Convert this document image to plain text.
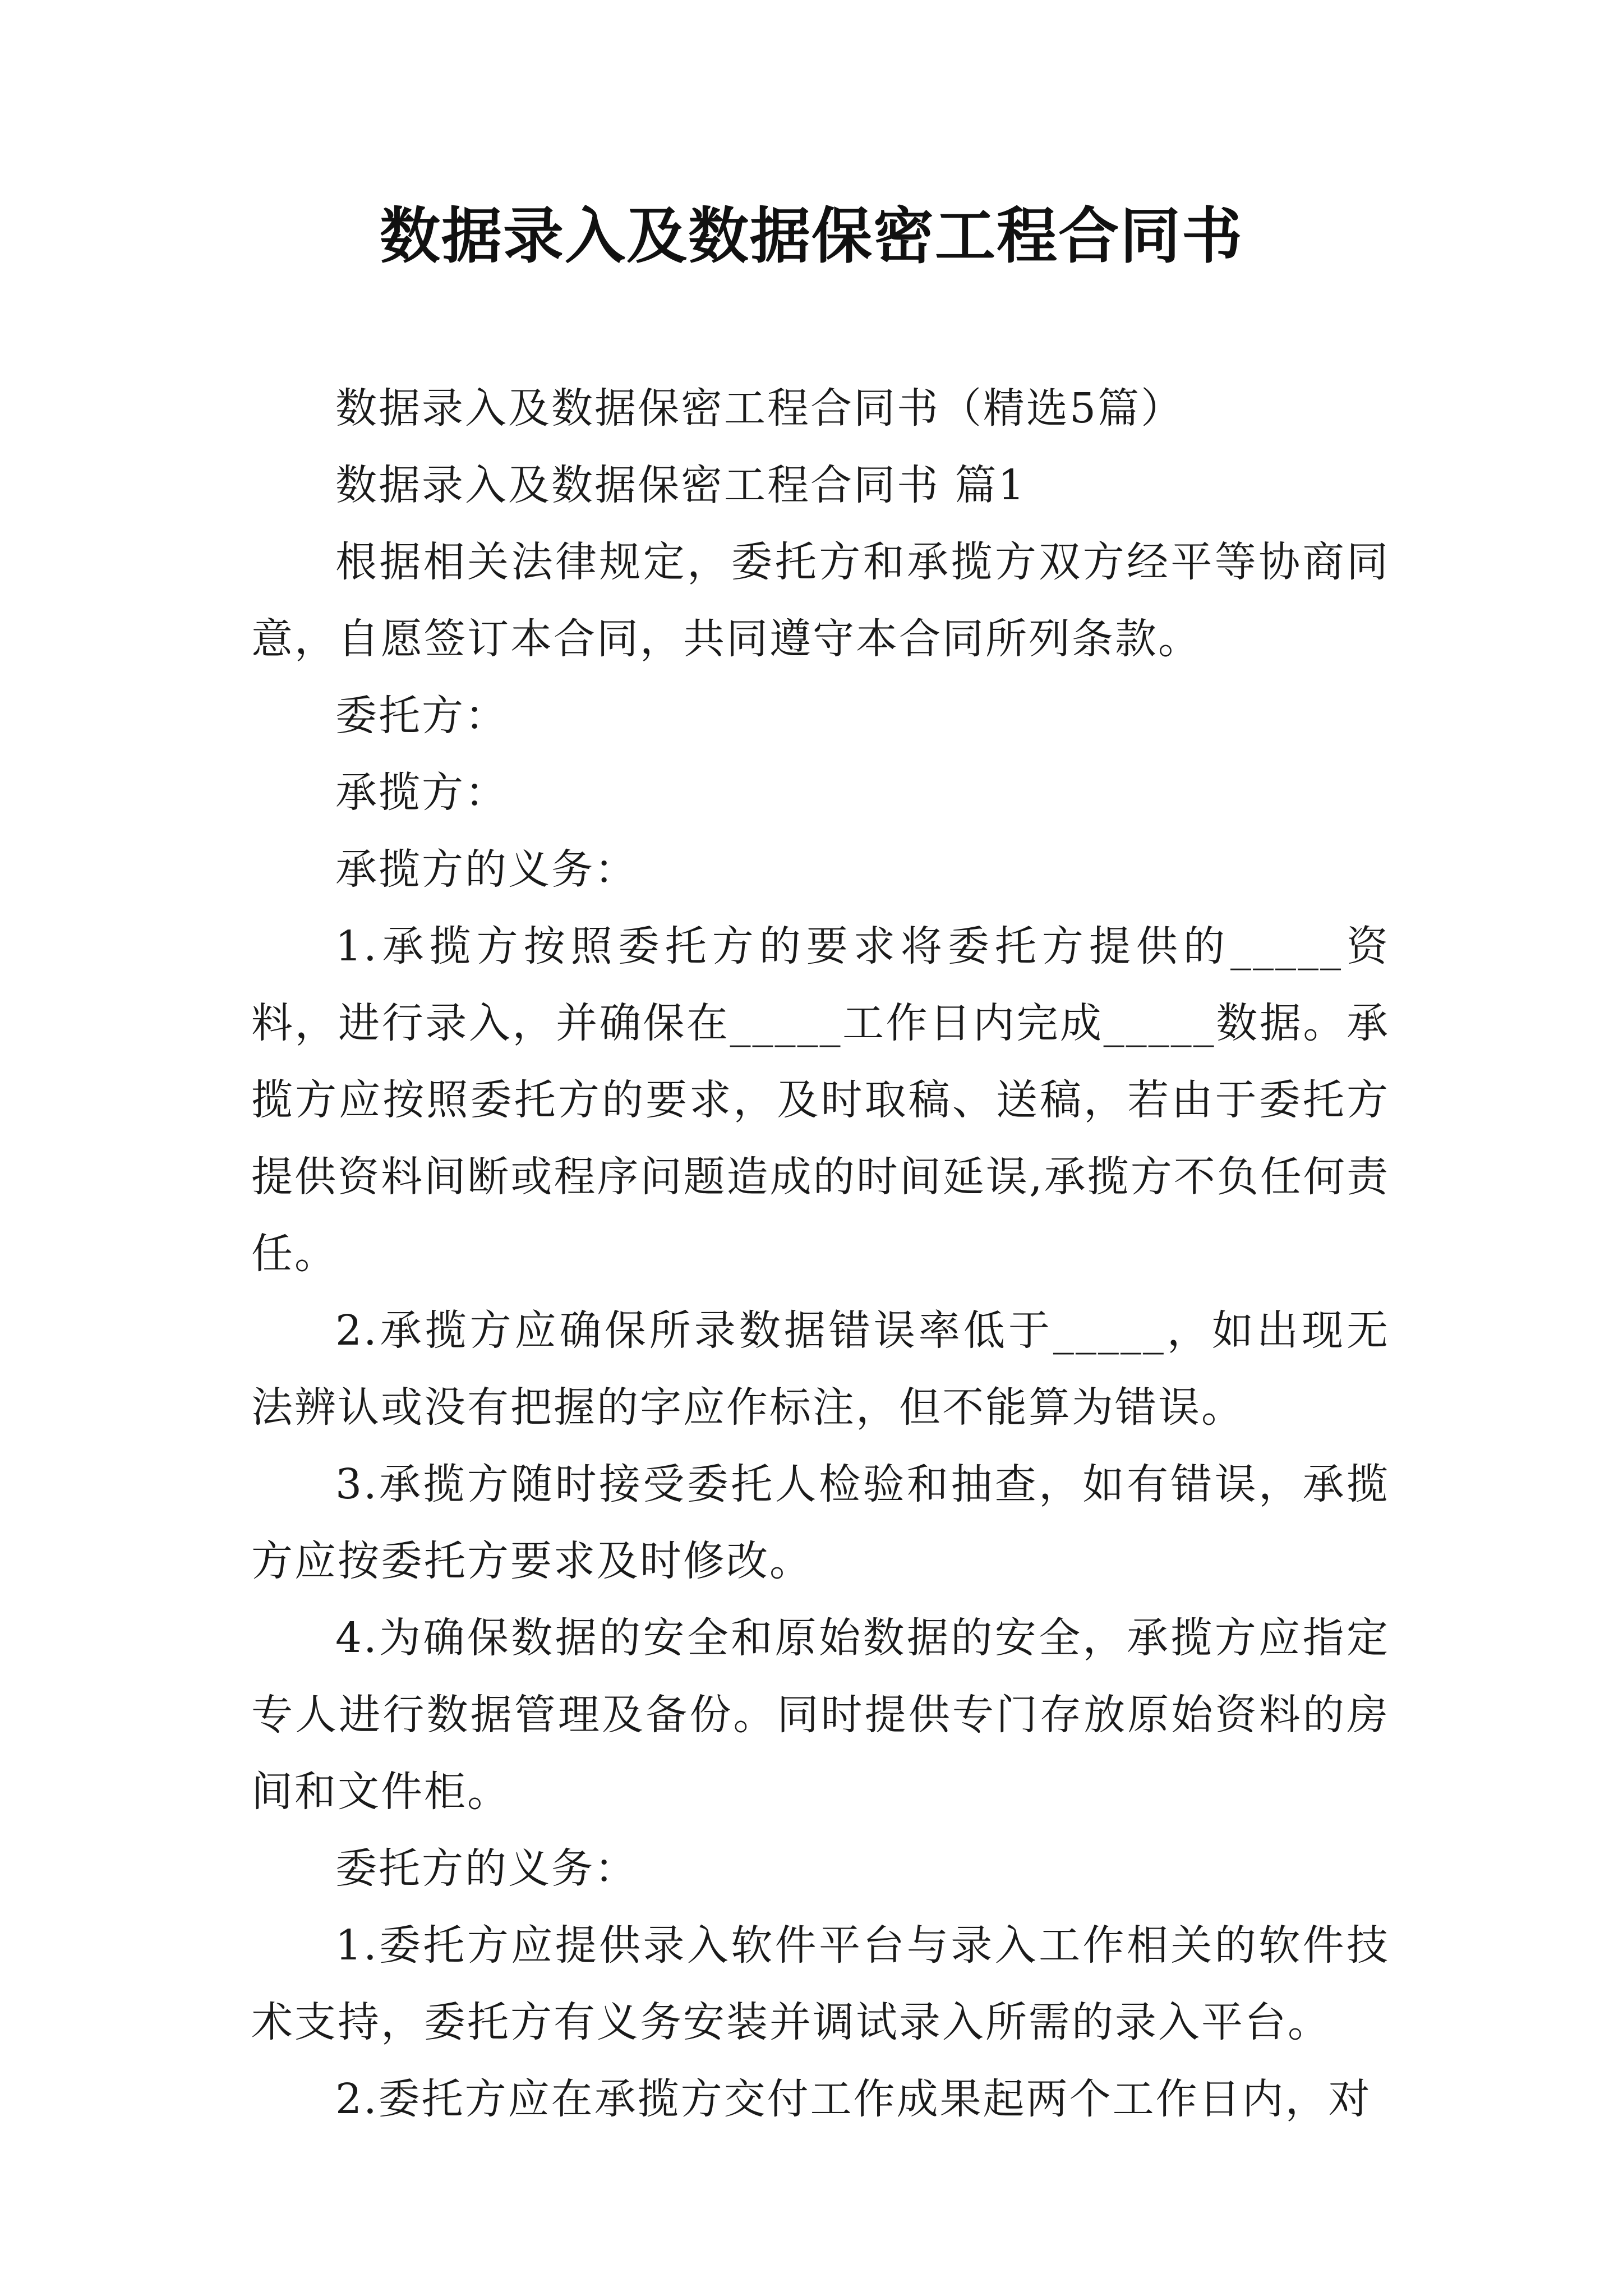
数据录入及数据保密工程合同书

数据录入及数据保密工程合同书（精选5篇）

数据录入及数据保密工程合同书 篇1

根据相关法律规定，委托方和承揽方双方经平等协商同意，自愿签订本合同，共同遵守本合同所列条款。

委托方：

承揽方：

承揽方的义务：

1.承揽方按照委托方的要求将委托方提供的_____资料，进行录入，并确保在_____工作日内完成_____数据。承揽方应按照委托方的要求，及时取稿、送稿，若由于委托方提供资料间断或程序问题造成的时间延误,承揽方不负任何责任。

2.承揽方应确保所录数据错误率低于_____，如出现无法辨认或没有把握的字应作标注，但不能算为错误。

3.承揽方随时接受委托人检验和抽查，如有错误，承揽方应按委托方要求及时修改。

4.为确保数据的安全和原始数据的安全，承揽方应指定专人进行数据管理及备份。同时提供专门存放原始资料的房间和文件柜。

委托方的义务：

1.委托方应提供录入软件平台与录入工作相关的软件技术支持，委托方有义务安装并调试录入所需的录入平台。

2.委托方应在承揽方交付工作成果起两个工作日内，对
